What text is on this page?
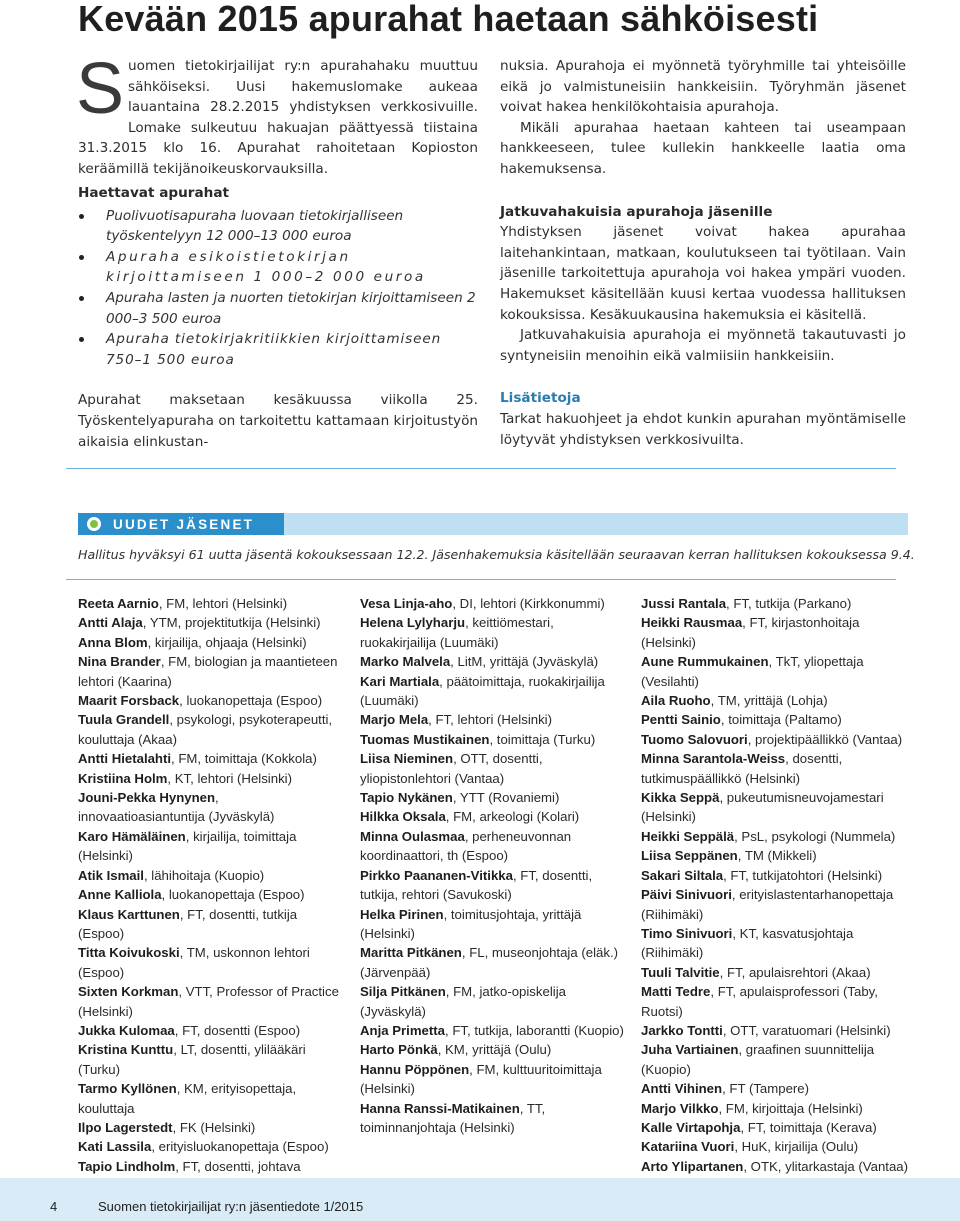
Kevään 2015 apurahat haetaan sähköisesti
Suomen tietokirjailijat ry:n apurahahaku muuttuu sähköiseksi. Uusi hakemuslomake aukeaa lauantaina 28.2.2015 yhdistyksen verkkosivuille. Lomake sulkeutuu hakuajan päättyessä tiistaina 31.3.2015 klo 16. Apurahat rahoitetaan Kopioston keräämillä tekijänoikeuskorvauksilla.

Haettavat apurahat

Puolivuotisapuraha luovaan tietokirjalliseen työskentelyyn 12 000–13 000 euroa
Apuraha esikoistietokirjan kirjoittamiseen 1 000–2 000 euroa
Apuraha lasten ja nuorten tietokirjan kirjoittamiseen 2 000–3 500 euroa
Apuraha tietokirjakritiikkien kirjoittamiseen 750–1 500 euroa

Apurahat maksetaan kesäkuussa viikolla 25. Työskentelyapuraha on tarkoitettu kattamaan kirjoitustyön aikaisia elinkustan-

nuksia. Apurahoja ei myönnetä työryhmille tai yhteisöille eikä jo valmistuneisiin hankkeisiin. Työryhmän jäsenet voivat hakea henkilökohtaisia apurahoja.

Mikäli apurahaa haetaan kahteen tai useampaan hankkeeseen, tulee kullekin hankkeelle laatia oma hakemuksensa.

Jatkuvahakuisia apurahoja jäsenille

Yhdistyksen jäsenet voivat hakea apurahaa laitehankintaan, matkaan, koulutukseen tai työtilaan. Vain jäsenille tarkoitettuja apurahoja voi hakea ympäri vuoden. Hakemukset käsitellään kuusi kertaa vuodessa hallituksen kokouksissa. Kesäkuukausina hakemuksia ei käsitellä.

Jatkuvahakuisia apurahoja ei myönnetä takautuvasti jo syntyneisiin menoihin eikä valmiisiin hankkeisiin.

Lisätietoja

Tarkat hakuohjeet ja ehdot kunkin apurahan myöntämiselle löytyvät yhdistyksen verkkosivuilta.

UUDET JÄSENET
Hallitus hyväksyi 61 uutta jäsentä kokouksessaan 12.2. Jäsenhakemuksia käsitellään seuraavan kerran hallituksen kokouksessa 9.4.
Reeta Aarnio, FM, lehtori (Helsinki)
Antti Alaja, YTM, projektitutkija (Helsinki)
Anna Blom, kirjailija, ohjaaja (Helsinki)
Nina Brander, FM, biologian ja maantieteen lehtori (Kaarina)
Maarit Forsback, luokanopettaja (Espoo)
Tuula Grandell, psykologi, psykoterapeutti, kouluttaja (Akaa)
Antti Hietalahti, FM, toimittaja (Kokkola)
Kristiina Holm, KT, lehtori (Helsinki)
Jouni-Pekka Hynynen, innovaatioasiantuntija (Jyväskylä)
Karo Hämäläinen, kirjailija, toimittaja (Helsinki)
Atik Ismail, lähihoitaja (Kuopio)
Anne Kalliola, luokanopettaja (Espoo)
Klaus Karttunen, FT, dosentti, tutkija (Espoo)
Titta Koivukoski, TM, uskonnon lehtori (Espoo)
Sixten Korkman, VTT, Professor of Practice (Helsinki)
Jukka Kulomaa, FT, dosentti (Espoo)
Kristina Kunttu, LT, dosentti, ylilääkäri (Turku)
Tarmo Kyllönen, KM, erityisopettaja, kouluttaja
Ilpo Lagerstedt, FK (Helsinki)
Kati Lassila, erityisluokanopettaja (Espoo)
Tapio Lindholm, FT, dosentti, johtava
Vesa Linja-aho, DI, lehtori (Kirkkonummi)
Helena Lylyharju, keittiömestari, ruokakirjailija (Luumäki)
Marko Malvela, LitM, yrittäjä (Jyväskylä)
Kari Martiala, päätoimittaja, ruokakirjailija (Luumäki)
Marjo Mela, FT, lehtori (Helsinki)
Tuomas Mustikainen, toimittaja (Turku)
Liisa Nieminen, OTT, dosentti, yliopistonlehtori (Vantaa)
Tapio Nykänen, YTT (Rovaniemi)
Hilkka Oksala, FM, arkeologi (Kolari)
Minna Oulasmaa, perheneuvonnan koordinaattori, th (Espoo)
Pirkko Paananen-Vitikka, FT, dosentti, tutkija, rehtori (Savukoski)
Helka Pirinen, toimitusjohtaja, yrittäjä (Helsinki)
Maritta Pitkänen, FL, museonjohtaja (eläk.) (Järvenpää)
Silja Pitkänen, FM, jatko-opiskelija (Jyväskylä)
Anja Primetta, FT, tutkija, laborantti (Kuopio)
Harto Pönkä, KM, yrittäjä (Oulu)
Hannu Pöppönen, FM, kulttuuritoimittaja (Helsinki)
Hanna Ranssi-Matikainen, TT, toiminnanjohtaja (Helsinki)
Jussi Rantala, FT, tutkija (Parkano)
Heikki Rausmaa, FT, kirjastonhoitaja (Helsinki)
Aune Rummukainen, TkT, yliopettaja (Vesilahti)
Aila Ruoho, TM, yrittäjä (Lohja)
Pentti Sainio, toimittaja (Paltamo)
Tuomo Salovuori, projektipäällikkö (Vantaa)
Minna Sarantola-Weiss, dosentti, tutkimuspäällikkö (Helsinki)
Kikka Seppä, pukeutumisneuvojamestari (Helsinki)
Heikki Seppälä, PsL, psykologi (Nummela)
Liisa Seppänen, TM (Mikkeli)
Sakari Siltala, FT, tutkijatohtori (Helsinki)
Päivi Sinivuori, erityislastentarhanopettaja (Riihimäki)
Timo Sinivuori, KT, kasvatusjohtaja (Riihimäki)
Tuuli Talvitie, FT, apulaisrehtori (Akaa)
Matti Tedre, FT, apulaisprofessori (Taby, Ruotsi)
Jarkko Tontti, OTT, varatuomari (Helsinki)
Juha Vartiainen, graafinen suunnittelija (Kuopio)
Antti Vihinen, FT (Tampere)
Marjo Vilkko, FM, kirjoittaja (Helsinki)
Kalle Virtapohja, FT, toimittaja (Kerava)
Katariina Vuori, HuK, kirjailija (Oulu)
Arto Ylipartanen, OTK, ylitarkastaja (Vantaa)
4	Suomen tietokirjailijat ry:n jäsentiedote 1/2015
